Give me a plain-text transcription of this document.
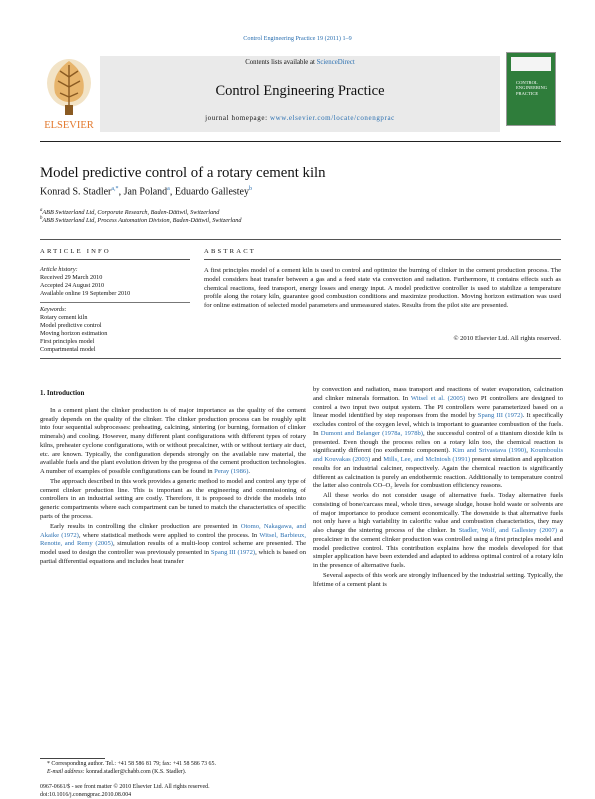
Control Engineering Practice 19 (2011) 1–9
ELSEVIER
Contents lists available at ScienceDirect
Control Engineering Practice
journal homepage: www.elsevier.com/locate/conengprac
CONTROL ENGINEERING PRACTICE
Model predictive control of a rotary cement kiln
Konrad S. Stadler$^{a,*}$, Jan Poland$^a$, Eduardo Gallestey$^b$
$^a$ABB Switzerland Ltd, Corporate Research, Baden-Dättwil, Switzerland
$^b$ABB Switzerland Ltd, Process Automation Division, Baden-Dättwil, Switzerland
ARTICLE INFO	ABSTRACT
Article history:
Received 29 March 2010
Accepted 24 August 2010
Available online 19 September 2010
Keywords:
Rotary cement kiln
Model predictive control
Moving horizon estimation
First principles model
Compartmental model
A first principles model of a cement kiln is used to control and optimize the burning of clinker in the cement production process. The model considers heat transfer between a gas and a feed state via convection and radiation. Furthermore, it contains effects such as chemical reactions, feed transport, energy losses and energy input. A model predictive controller is used to stabilize a temperature profile along the rotary kiln, guarantee good combustion conditions and maximize production. Moving horizon estimation was used for online estimation of selected model parameters and unmeasured states. Results from the pilot site are presented.
© 2010 Elsevier Ltd. All rights reserved.
1. Introduction

In a cement plant the clinker production is of major importance as the quality of the cement greatly depends on the quality of the clinker. The clinker production process can be roughly split into four sequential subprocesses: preheating, calcining, sintering (or burning, formation of clinker minerals) and cooling. However, many different plant configurations with different types of rotary kilns, preheater cyclone configurations, with or without precalciner, with or without tertiary air duct, etc. are known. Typically, the configuration depends strongly on the available raw material, the available fuels and the plant evolution driven by the progress of the cement production technologies. A number of examples of possible configurations can be found in Peray (1986).

The approach described in this work provides a generic method to model and control any type of cement clinker production line. This is important as the engineering and commissioning of controllers in an industrial setting are costly. Therefore, it is proposed to divide the models into generic compartments where each compartment can be tuned to match the characteristics of specific parts of the process.

Early results in controlling the clinker production are presented in Otomo, Nakagawa, and Akaike (1972), where statistical methods were applied to control the process. In Witsel, Barbieux, Renotte, and Remy (2005), simulation results of a multi-loop control scheme are presented. The model used to design the controller was previously presented in Spang III (1972), which is based on partial differential equations and includes heat transfer

by convection and radiation, mass transport and reactions of water evaporation, calcination and clinker minerals formation. In Witsel et al. (2005) two PI controllers are designed to control a two input two output system. The PI controllers were parameterized based on a linear model identified by step responses from the model by Spang III (1972). It specifically excludes control of the oxygen level, which is important to guarantee combustion of the fuels. In Dumont and Belanger (1978a, 1978b), the successful control of a titanium dioxide kiln is presented. Even though the process relies on a rotary kiln too, the chemical reaction is significantly different (no exothermic component). Kim and Srivastava (1990), Koumboulis and Kouvakas (2003) and Mills, Lee, and McIntosh (1991) present simulation and application results for an industrial calciner, respectively. Again the chemical reaction is significantly different as calcination is purely an endothermic reaction. Additionally to temperature control the latter also controls CO–O₂ levels for combustion efficiency reasons.

All these works do not consider usage of alternative fuels. Today alternative fuels consisting of bone/carcass meal, whole tires, sewage sludge, house hold waste or solvents are of major importance to produce cement economically. The downside is that alternative fuels not only have a high variability in calorific value and combustion characteristics, they may also change the sintering process of the clinker. In Stadler, Wolf, and Gallestey (2007) a precalciner in the cement clinker production was controlled using a first principles model and model predictive control. This contribution explains how the models developed for that simpler application have been extended and adapted to address optimal control of a rotary kiln in the presence of alternative fuels.

Several aspects of this work are strongly influenced by the industrial setting. Typically, the lifetime of a cement plant is

* Corresponding author. Tel.: +41 58 586 81 79; fax: +41 58 586 73 65.
E-mail address: konrad.stadler@chabb.com (K.S. Stadler).
0967-0661/$ - see front matter © 2010 Elsevier Ltd. All rights reserved.
doi:10.1016/j.conengprac.2010.08.004
